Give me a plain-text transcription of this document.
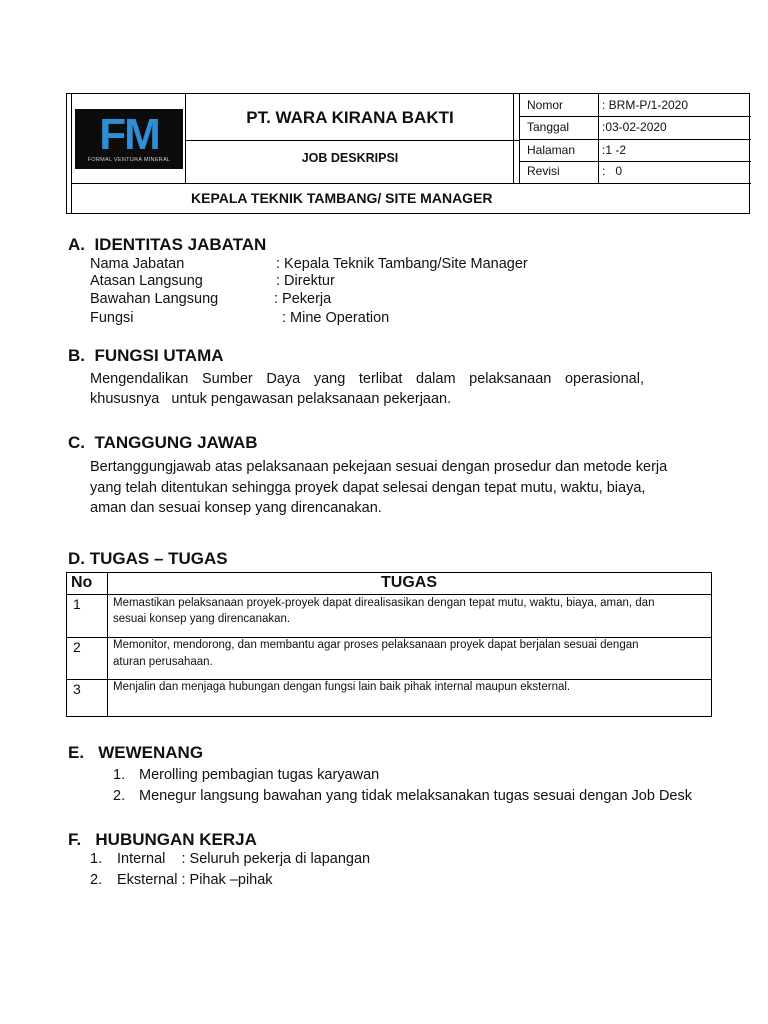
FM
FORMAL VENTURA MINERAL
PT. WARA KIRANA BAKTI
JOB DESKRIPSI
KEPALA TEKNIK TAMBANG/ SITE MANAGER
Nomor	: BRM-P/1-2020
Tanggal	:03-02-2020
Halaman :1 -2
Revisi	:   0
A.  IDENTITAS JABATAN
Nama Jabatan	: Kepala Teknik Tambang/Site Manager
Atasan Langsung	: Direktur
Bawahan Langsung	: Pekerja
Fungsi	: Mine Operation
B.  FUNGSI UTAMA
Mengendalikan Sumber Daya yang terlibat dalam pelaksanaan operasional,
khususnya   untuk pengawasan pelaksanaan pekerjaan.
C.  TANGGUNG JAWAB
Bertanggungjawab atas pelaksanaan pekejaan sesuai dengan prosedur dan metode kerja
yang telah ditentukan sehingga proyek dapat selesai dengan tepat mutu, waktu, biaya,
aman dan sesuai konsep yang direncanakan.
D. TUGAS – TUGAS
No	TUGAS
1	Memastikan pelaksanaan proyek-proyek dapat direalisasikan dengan tepat mutu, waktu, biaya, aman, dan
sesuai konsep yang direncanakan.
2	Memonitor, mendorong, dan membantu agar proses pelaksanaan proyek dapat berjalan sesuai dengan
aturan perusahaan.
3	Menjalin dan menjaga hubungan dengan fungsi lain baik pihak internal maupun eksternal.
E.   WEWENANG
1. Merolling pembagian tugas karyawan
2. Menegur langsung bawahan yang tidak melaksanakan tugas sesuai dengan Job Desk
F.   HUBUNGAN KERJA
1. Internal    : Seluruh pekerja di lapangan
2. Eksternal : Pihak –pihak
